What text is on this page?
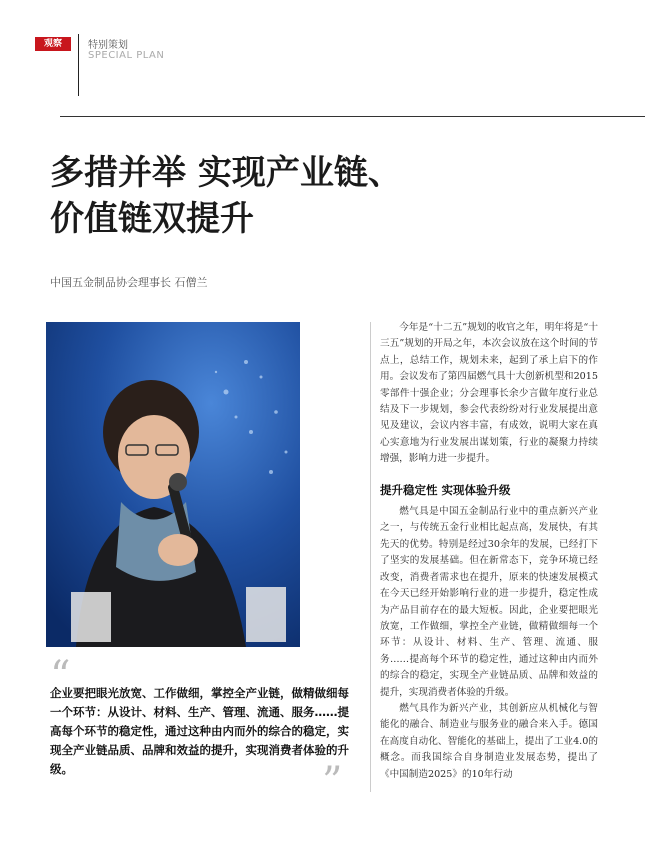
观察	特别策划
SPECIAL PLAN
多措并举 实现产业链、
价值链双提升
中国五金制品协会理事长 石僧兰
“

企业要把眼光放宽、工作做细，掌控全产业链，做精做细每一个环节：从设计、材料、生产、管理、流通、服务……提高每个环节的稳定性，通过这种由内而外的综合的稳定，实现全产业链品质、品牌和效益的提升，实现消费者体验的升级。	”

今年是“十二五”规划的收官之年，明年将是“十三五”规划的开局之年，本次会议放在这个时间的节点上，总结工作，规划未来，起到了承上启下的作用。会议发布了第四届燃气具十大创新机型和2015零部件十强企业；分会理事长余少言做年度行业总结及下一步规划，参会代表纷纷对行业发展提出意见及建议，会议内容丰富，有成效，说明大家在真心实意地为行业发展出谋划策，行业的凝聚力持续增强，影响力进一步提升。

提升稳定性 实现体验升级

燃气具是中国五金制品行业中的重点新兴产业之一，与传统五金行业相比起点高，发展快，有其先天的优势。特别是经过30余年的发展，已经打下了坚实的发展基础。但在新常态下，竞争环境已经改变，消费者需求也在提升，原来的快速发展模式在今天已经开始影响行业的进一步提升，稳定性成为产品目前存在的最大短板。因此，企业要把眼光放宽，工作做细，掌控全产业链，做精做细每一个环节：从设计、材料、生产、管理、流通、服务……提高每个环节的稳定性，通过这种由内而外的综合的稳定，实现全产业链品质、品牌和效益的提升，实现消费者体验的升级。

燃气具作为新兴产业，其创新应从机械化与智能化的融合、制造业与服务业的融合来入手。德国在高度自动化、智能化的基础上，提出了工业4.0的概念。而我国综合自身制造业发展态势，提出了《中国制造2025》的10年行动
